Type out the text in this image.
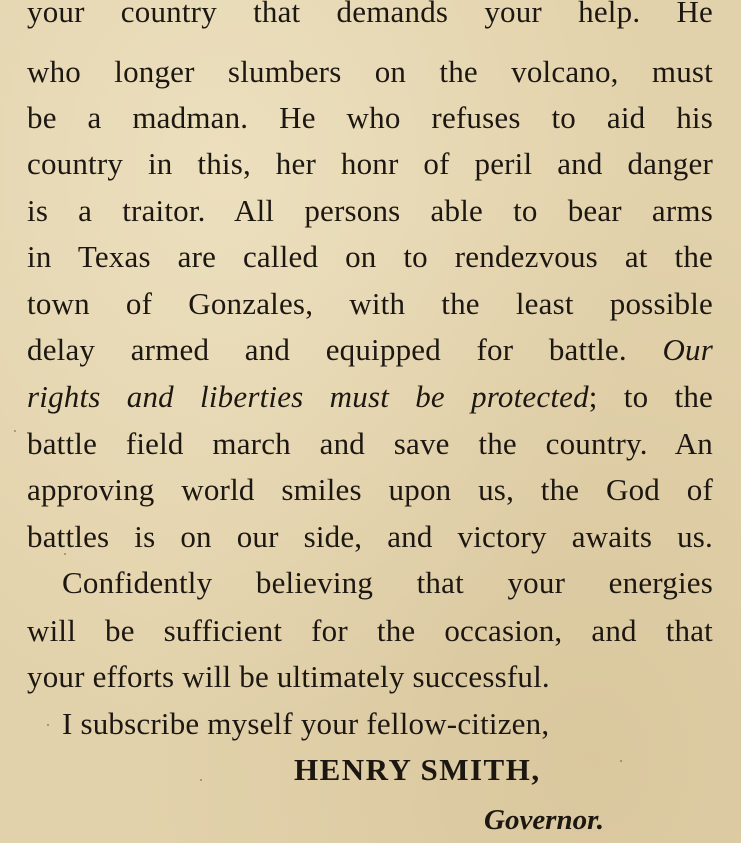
your country that demands your help. He
who longer slumbers on the volcano, must
be a madman. He who refuses to aid his
country in this, her honr of peril and danger
is a traitor. All persons able to bear arms
in Texas are called on to rendezvous at the
town of Gonzales, with the least possible
delay armed and equipped for battle. Our
rights and liberties must be protected; to the
battle field march and save the country. An
approving world smiles upon us, the God of
battles is on our side, and victory awaits us.
Confidently believing that your energies
will be sufficient for the occasion, and that
your efforts will be ultimately successful.
I subscribe myself your fellow-citizen,
HENRY SMITH,
Governor.
